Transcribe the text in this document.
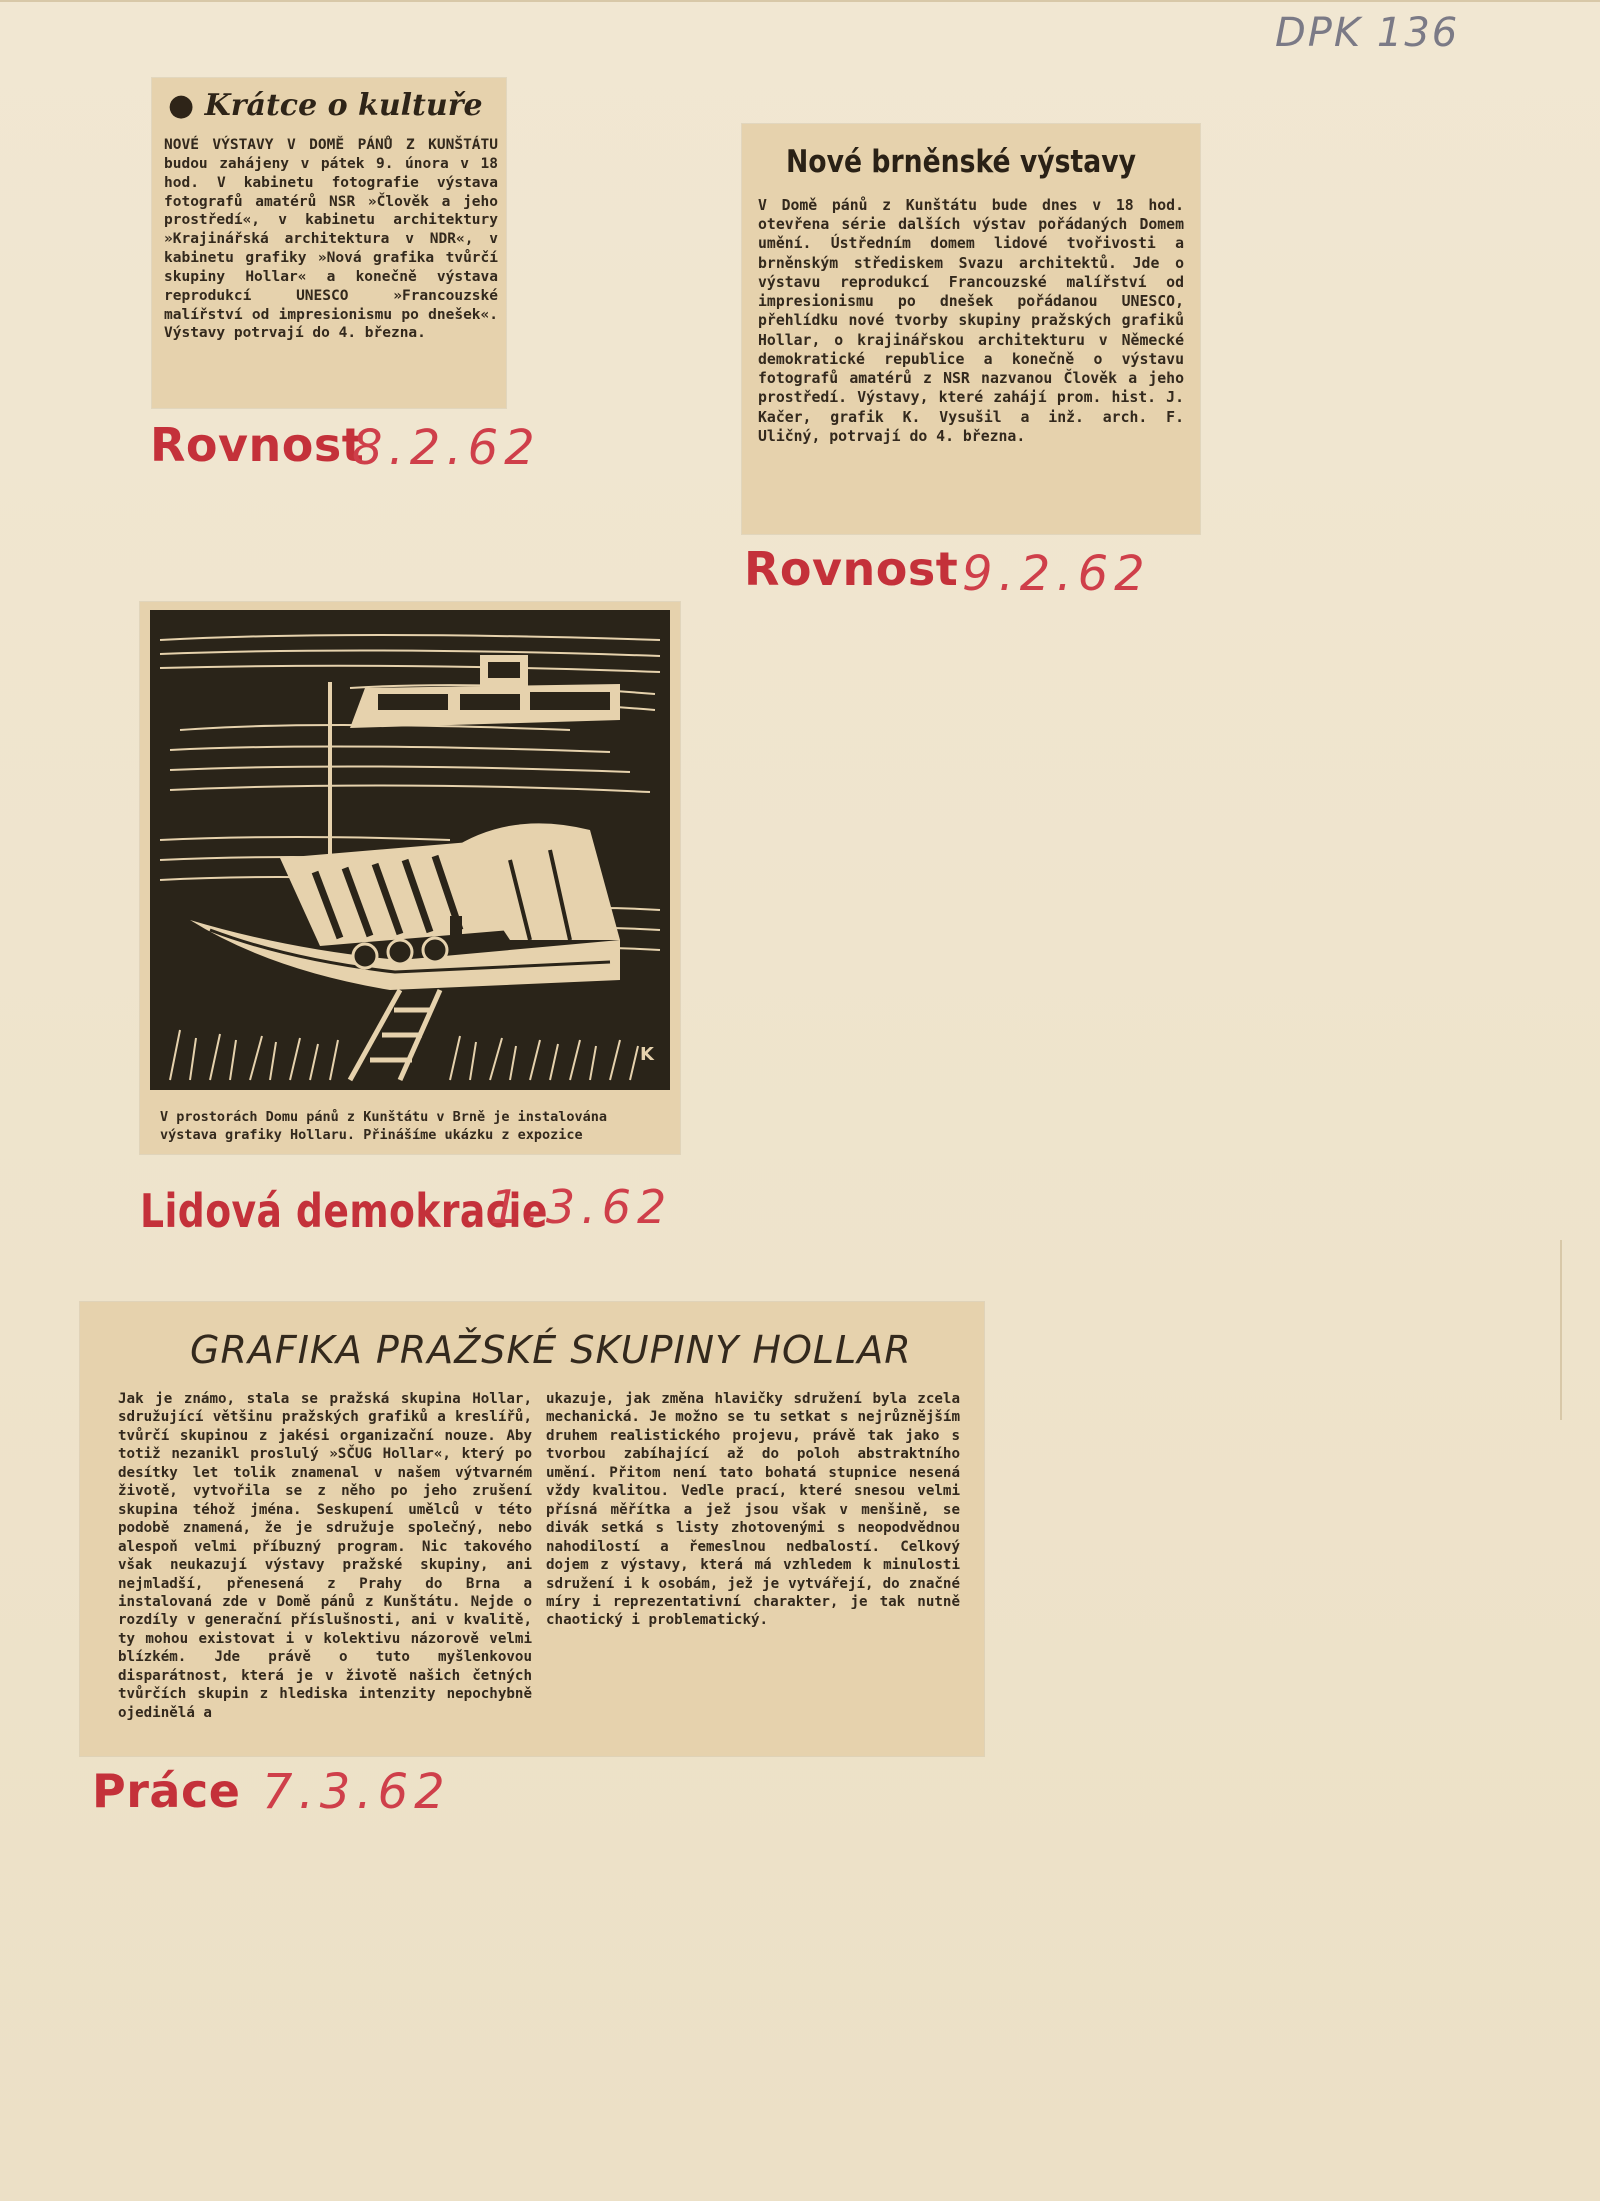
DPK 136
● Krátce o kultuře

NOVÉ VÝSTAVY V DOMĚ PÁNŮ Z KUNŠTÁTU budou zahájeny v pátek 9. února v 18 hod. V kabinetu fotografie výstava fotografů amatérů NSR »Člověk a jeho prostředí«, v kabinetu architektury »Krajinářská architektura v NDR«, v kabinetu grafiky »Nová grafika tvůrčí skupiny Hollar« a konečně výstava reprodukcí UNESCO »Francouzské malířství od impresionismu po dnešek«. Výstavy potrvají do 4. března.

Rovnost
8.2.62
Nové brněnské výstavy

V Domě pánů z Kunštátu bude dnes v 18 hod. otevřena série dalších výstav pořádaných Domem umění. Ústředním domem lidové tvořivosti a brněnským střediskem Svazu architektů. Jde o výstavu reprodukcí Francouzské malířství od impresionismu po dnešek pořádanou UNESCO, přehlídku nové tvorby skupiny pražských grafiků Hollar, o krajinářskou architekturu v Německé demokratické republice a konečně o výstavu fotografů amatérů z NSR nazvanou Člověk a jeho prostředí. Výstavy, které zahájí prom. hist. J. Kačer, grafik K. Vysušil a inž. arch. F. Uličný, potrvají do 4. března.

Rovnost 9.2.62
K

V prostorách Domu pánů z Kunštátu v Brně je instalována výstava grafiky Hollaru. Přinášíme ukázku z expozice

Lidová demokracie
1.3.62
GRAFIKA PRAŽSKÉ SKUPINY HOLLAR

Jak je známo, stala se pražská skupina Hollar, sdružující většinu pražských grafiků a kreslířů, tvůrčí skupinou z jakési organizační nouze. Aby totiž nezanikl proslulý »SČUG Hollar«, který po desítky let tolik znamenal v našem výtvarném životě, vytvořila se z něho po jeho zrušení skupina téhož jména. Seskupení umělců v této podobě znamená, že je sdružuje společný, nebo alespoň velmi příbuzný program. Nic takového však neukazují výstavy pražské skupiny, ani nejmladší, přenesená z Prahy do Brna a instalovaná zde v Domě pánů z Kunštátu. Nejde o rozdíly v generační příslušnosti, ani v kvalitě, ty mohou existovat i v kolektivu názorově velmi blízkém. Jde právě o tuto myšlenkovou disparátnost, která je v životě našich četných tvůrčích skupin z hlediska intenzity nepochybně ojedinělá a

ukazuje, jak změna hlavičky sdružení byla zcela mechanická. Je možno se tu setkat s nejrůznějším druhem realistického projevu, právě tak jako s tvorbou zabíhající až do poloh abstraktního umění. Přitom není tato bohatá stupnice nesená vždy kvalitou. Vedle prací, které snesou velmi přísná měřítka a jež jsou však v menšině, se divák setká s listy zhotovenými s neopodvědnou nahodilostí a řemeslnou nedbalostí. Celkový dojem z výstavy, která má vzhledem k minulosti sdružení i k osobám, jež je vytvářejí, do značné míry i reprezentativní charakter, je tak nutně chaotický i problematický.

Práce 7.3.62
